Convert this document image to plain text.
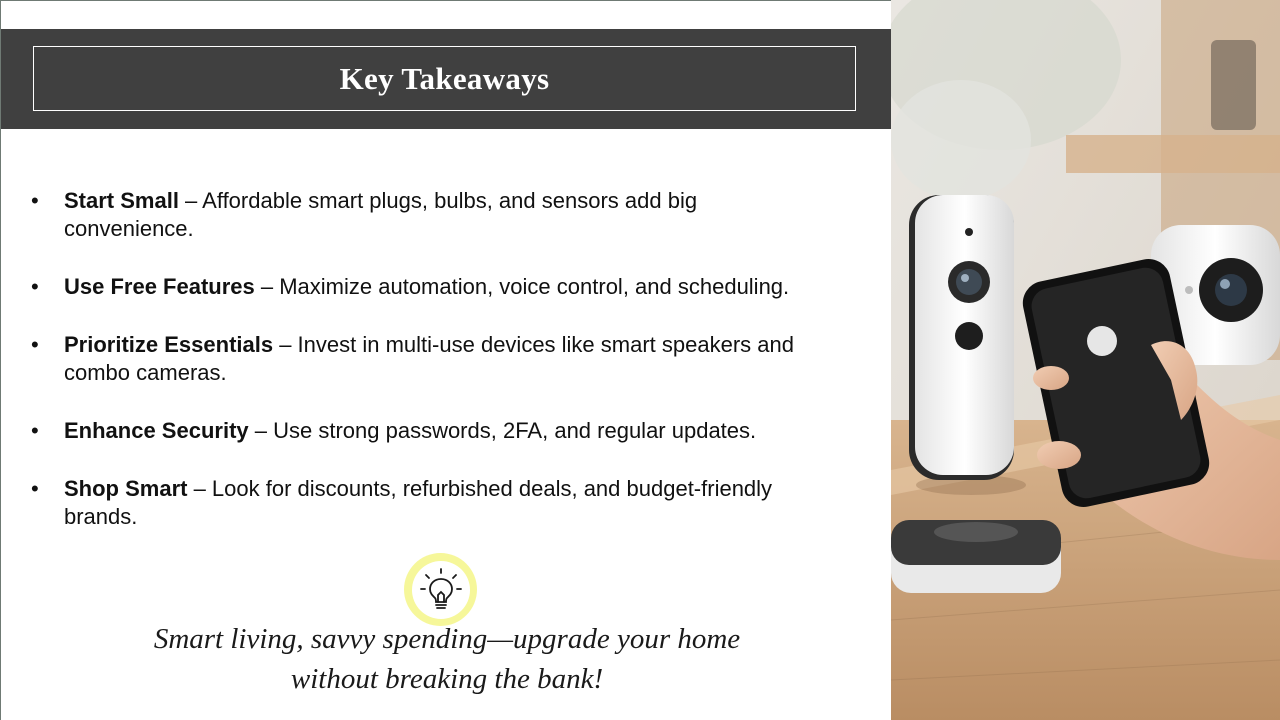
Key Takeaways
• Start Small – Affordable smart plugs, bulbs, and sensors add big convenience.
• Use Free Features – Maximize automation, voice control, and scheduling.
• Prioritize Essentials – Invest in multi-use devices like smart speakers and combo cameras.
• Enhance Security – Use strong passwords, 2FA, and regular updates.
• Shop Smart – Look for discounts, refurbished deals, and budget-friendly brands.
Smart living, savvy spending—upgrade your home
without breaking the bank!
